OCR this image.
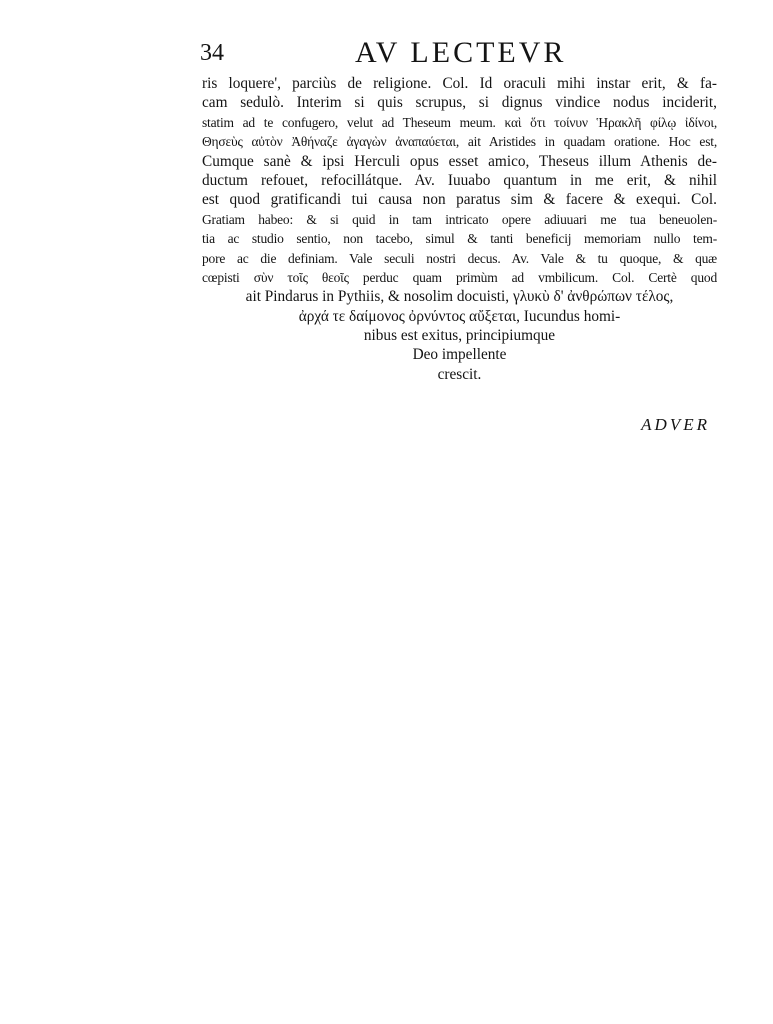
34	AV LECTEVR
ris loquere', parciùs de religione. Col. Id oraculi mihi instar erit, & fa-
cam sedulò. Interim si quis scrupus, si dignus vindice nodus inciderit,
statim ad te confugero, velut ad Theseum meum. καὶ ὅτι τοίνυν Ἡρακλῆ φίλῳ ἰδίνοι,
Θησεὺς αὐτὸν Ἀθήναζε ἀγαγὼν ἀναπαύεται, ait Aristides in quadam oratione. Hoc est,
Cumque sanè & ipsi Herculi opus esset amico, Theseus illum Athenis de-
ductum refouet, refocillátque. Av. Iuuabo quantum in me erit, & nihil
est quod gratificandi tui causa non paratus sim & facere & exequi. Col.
Gratiam habeo: & si quid in tam intricato opere adiuuari me tua beneuolen-
tia ac studio sentio, non tacebo, simul & tanti beneficij memoriam nullo tem-
pore ac die definiam. Vale seculi nostri decus. Av. Vale & tu quoque, & quæ
cœpisti σὺν τοῖς θεοῖς perduc quam primùm ad vmbilicum. Col. Certè quod
ait Pindarus in Pythiis, & nosolim docuisti, γλυκὺ δ' ἀνθρώπων τέλος,
ἀρχά τε δαίμονος ὀρνύντος αὔξεται, Iucundus homi-
nibus est exitus, principiumque
Deo impellente
crescit.
ADVER
